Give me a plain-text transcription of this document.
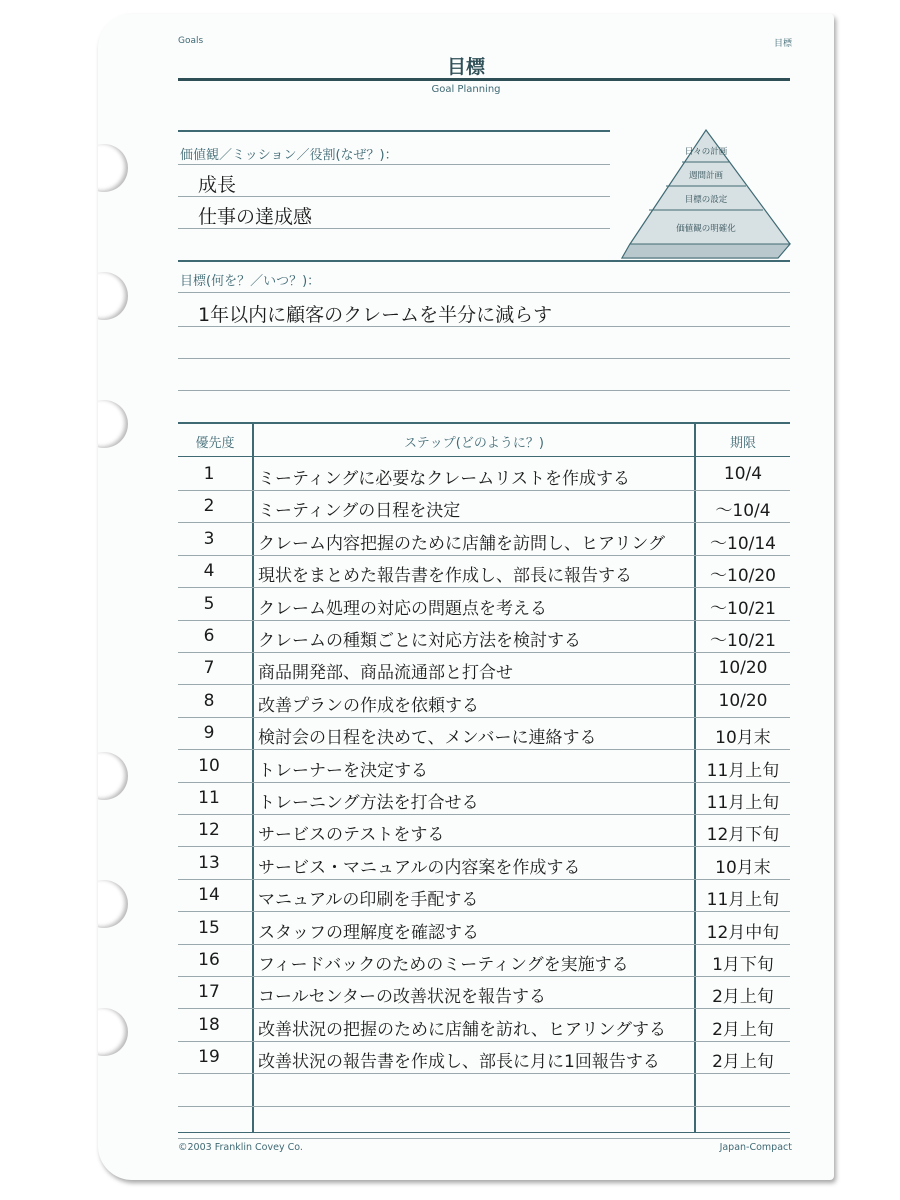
Goals	目標
目標
Goal Planning
価値観／ミッション／役割(なぜ？)：
成長
仕事の達成感
日々の計画
週間計画
目標の設定
価値観の明確化
目標(何を？／いつ？)：
1年以内に顧客のクレームを半分に減らす
優先度	ステップ(どのように？)	期限
1	ミーティングに必要なクレームリストを作成する	10/4
2	ミーティングの日程を決定	～10/4
3	クレーム内容把握のために店舗を訪問し、ヒアリング	～10/14
4	現状をまとめた報告書を作成し、部長に報告する	～10/20
5	クレーム処理の対応の問題点を考える	～10/21
6	クレームの種類ごとに対応方法を検討する	～10/21
7	商品開発部、商品流通部と打合せ	10/20
8	改善プランの作成を依頼する	10/20
9	検討会の日程を決めて、メンバーに連絡する	10月末
10	トレーナーを決定する	11月上旬
11	トレーニング方法を打合せる	11月上旬
12	サービスのテストをする	12月下旬
13	サービス・マニュアルの内容案を作成する	10月末
14	マニュアルの印刷を手配する	11月上旬
15	スタッフの理解度を確認する	12月中旬
16	フィードバックのためのミーティングを実施する	1月下旬
17	コールセンターの改善状況を報告する	2月上旬
18	改善状況の把握のために店舗を訪れ、ヒアリングする	2月上旬
19	改善状況の報告書を作成し、部長に月に1回報告する	2月上旬
©2003 Franklin Covey Co.	Japan-Compact
